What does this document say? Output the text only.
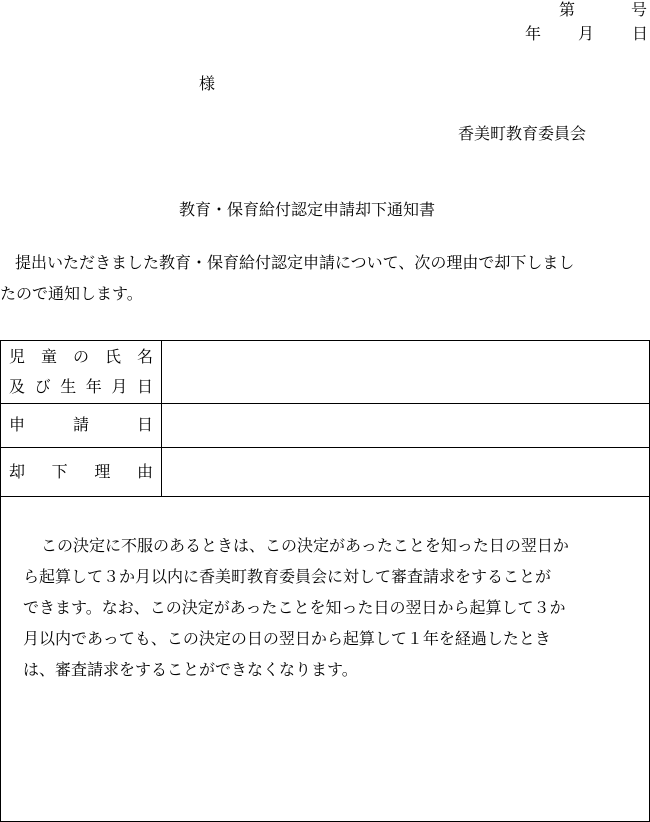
第	号
年 月 日
様
香美町教育委員会
教育・保育給付認定申請却下通知書
提出いただきました教育・保育給付認定申請について、次の理由で却下しまし
たので通知します。
児 童 の 氏 名
及 び 生 年 月 日
申	請	日
却 下 理 由
この決定に不服のあるときは、この決定があったことを知った日の翌日か
ら起算して３か月以内に香美町教育委員会に対して審査請求をすることが
できます。なお、この決定があったことを知った日の翌日から起算して３か
月以内であっても、この決定の日の翌日から起算して１年を経過したとき
は、審査請求をすることができなくなります。
